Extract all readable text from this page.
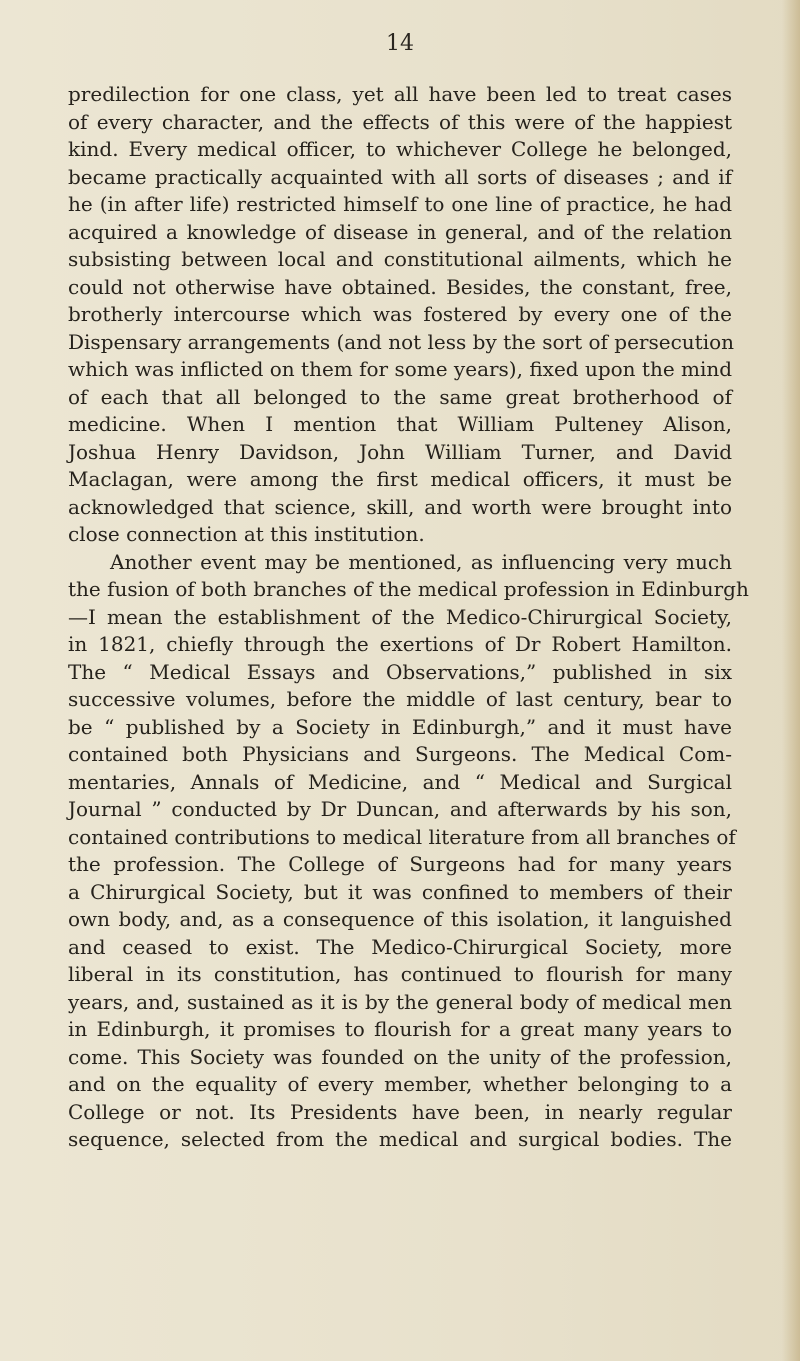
14
predilection for one class, yet all have been led to treat cases
of every character, and the effects of this were of the happiest
kind. Every medical officer, to whichever College he belonged,
became practically acquainted with all sorts of diseases ; and if
he (in after life) restricted himself to one line of practice, he had
acquired a knowledge of disease in general, and of the relation
subsisting between local and constitutional ailments, which he
could not otherwise have obtained. Besides, the constant, free,
brotherly intercourse which was fostered by every one of the
Dispensary arrangements (and not less by the sort of persecution
which was inflicted on them for some years), fixed upon the mind
of each that all belonged to the same great brotherhood of
medicine. When I mention that William Pulteney Alison,
Joshua Henry Davidson, John William Turner, and David
Maclagan, were among the first medical officers, it must be
acknowledged that science, skill, and worth were brought into
close connection at this institution.
Another event may be mentioned, as influencing very much
the fusion of both branches of the medical profession in Edinburgh
—I mean the establishment of the Medico-Chirurgical Society,
in 1821, chiefly through the exertions of Dr Robert Hamilton.
The “ Medical Essays and Observations,” published in six
successive volumes, before the middle of last century, bear to
be “ published by a Society in Edinburgh,” and it must have
contained both Physicians and Surgeons. The Medical Com-
mentaries, Annals of Medicine, and “ Medical and Surgical
Journal ” conducted by Dr Duncan, and afterwards by his son,
contained contributions to medical literature from all branches of
the profession. The College of Surgeons had for many years
a Chirurgical Society, but it was confined to members of their
own body, and, as a consequence of this isolation, it languished
and ceased to exist. The Medico-Chirurgical Society, more
liberal in its constitution, has continued to flourish for many
years, and, sustained as it is by the general body of medical men
in Edinburgh, it promises to flourish for a great many years to
come. This Society was founded on the unity of the profession,
and on the equality of every member, whether belonging to a
College or not. Its Presidents have been, in nearly regular
sequence, selected from the medical and surgical bodies. The
